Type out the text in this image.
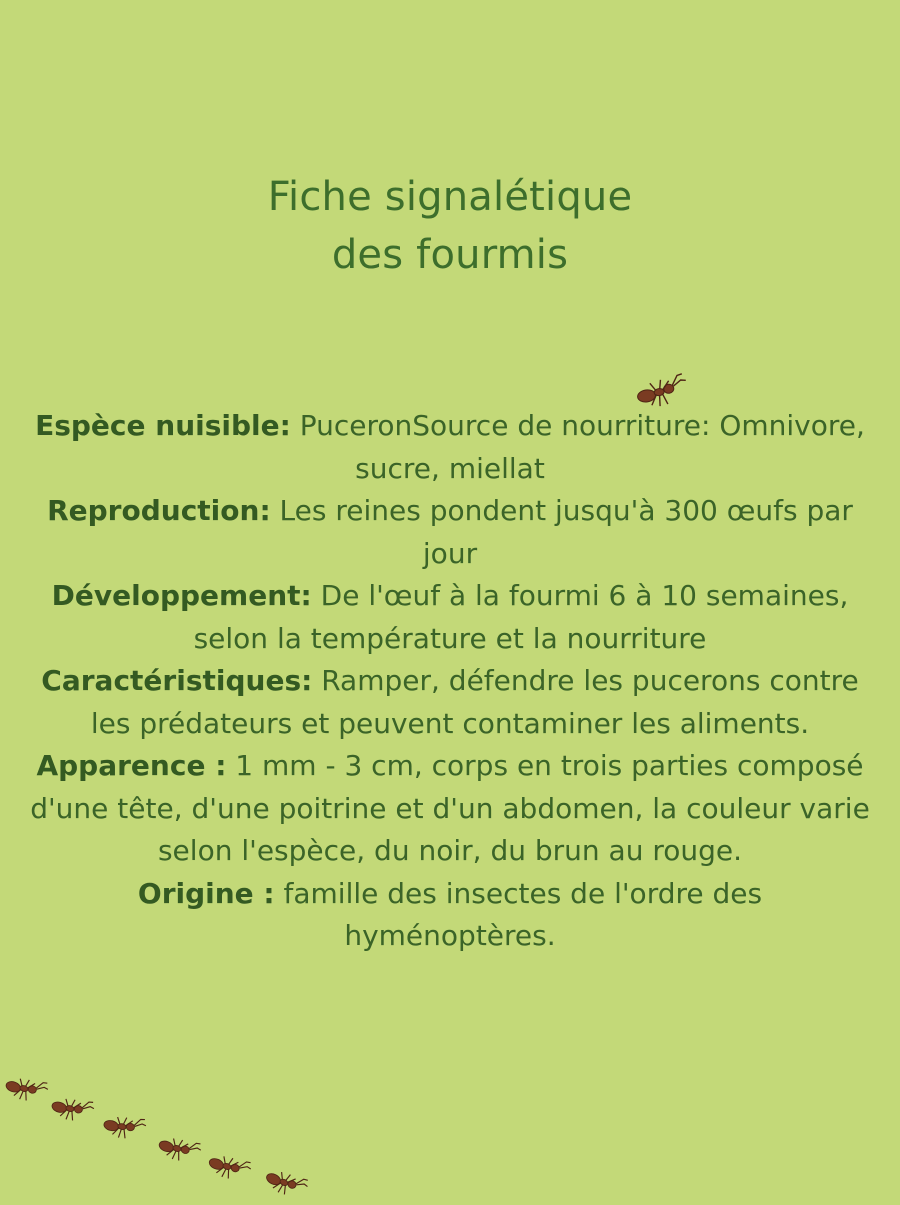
Fiche signalétique
des fourmis

Espèce nuisible: PuceronSource de nourriture: Omnivore, sucre, miellat

Reproduction: Les reines pondent jusqu'à 300 œufs par jour

Développement: De l'œuf à la fourmi 6 à 10 semaines, selon la température et la nourriture

Caractéristiques: Ramper, défendre les pucerons contre les prédateurs et peuvent contaminer les aliments.

Apparence : 1 mm - 3 cm, corps en trois parties composé d'une tête, d'une poitrine et d'un abdomen, la couleur varie selon l'espèce, du noir, du brun au rouge.

Origine : famille des insectes de l'ordre des hyménoptères.
